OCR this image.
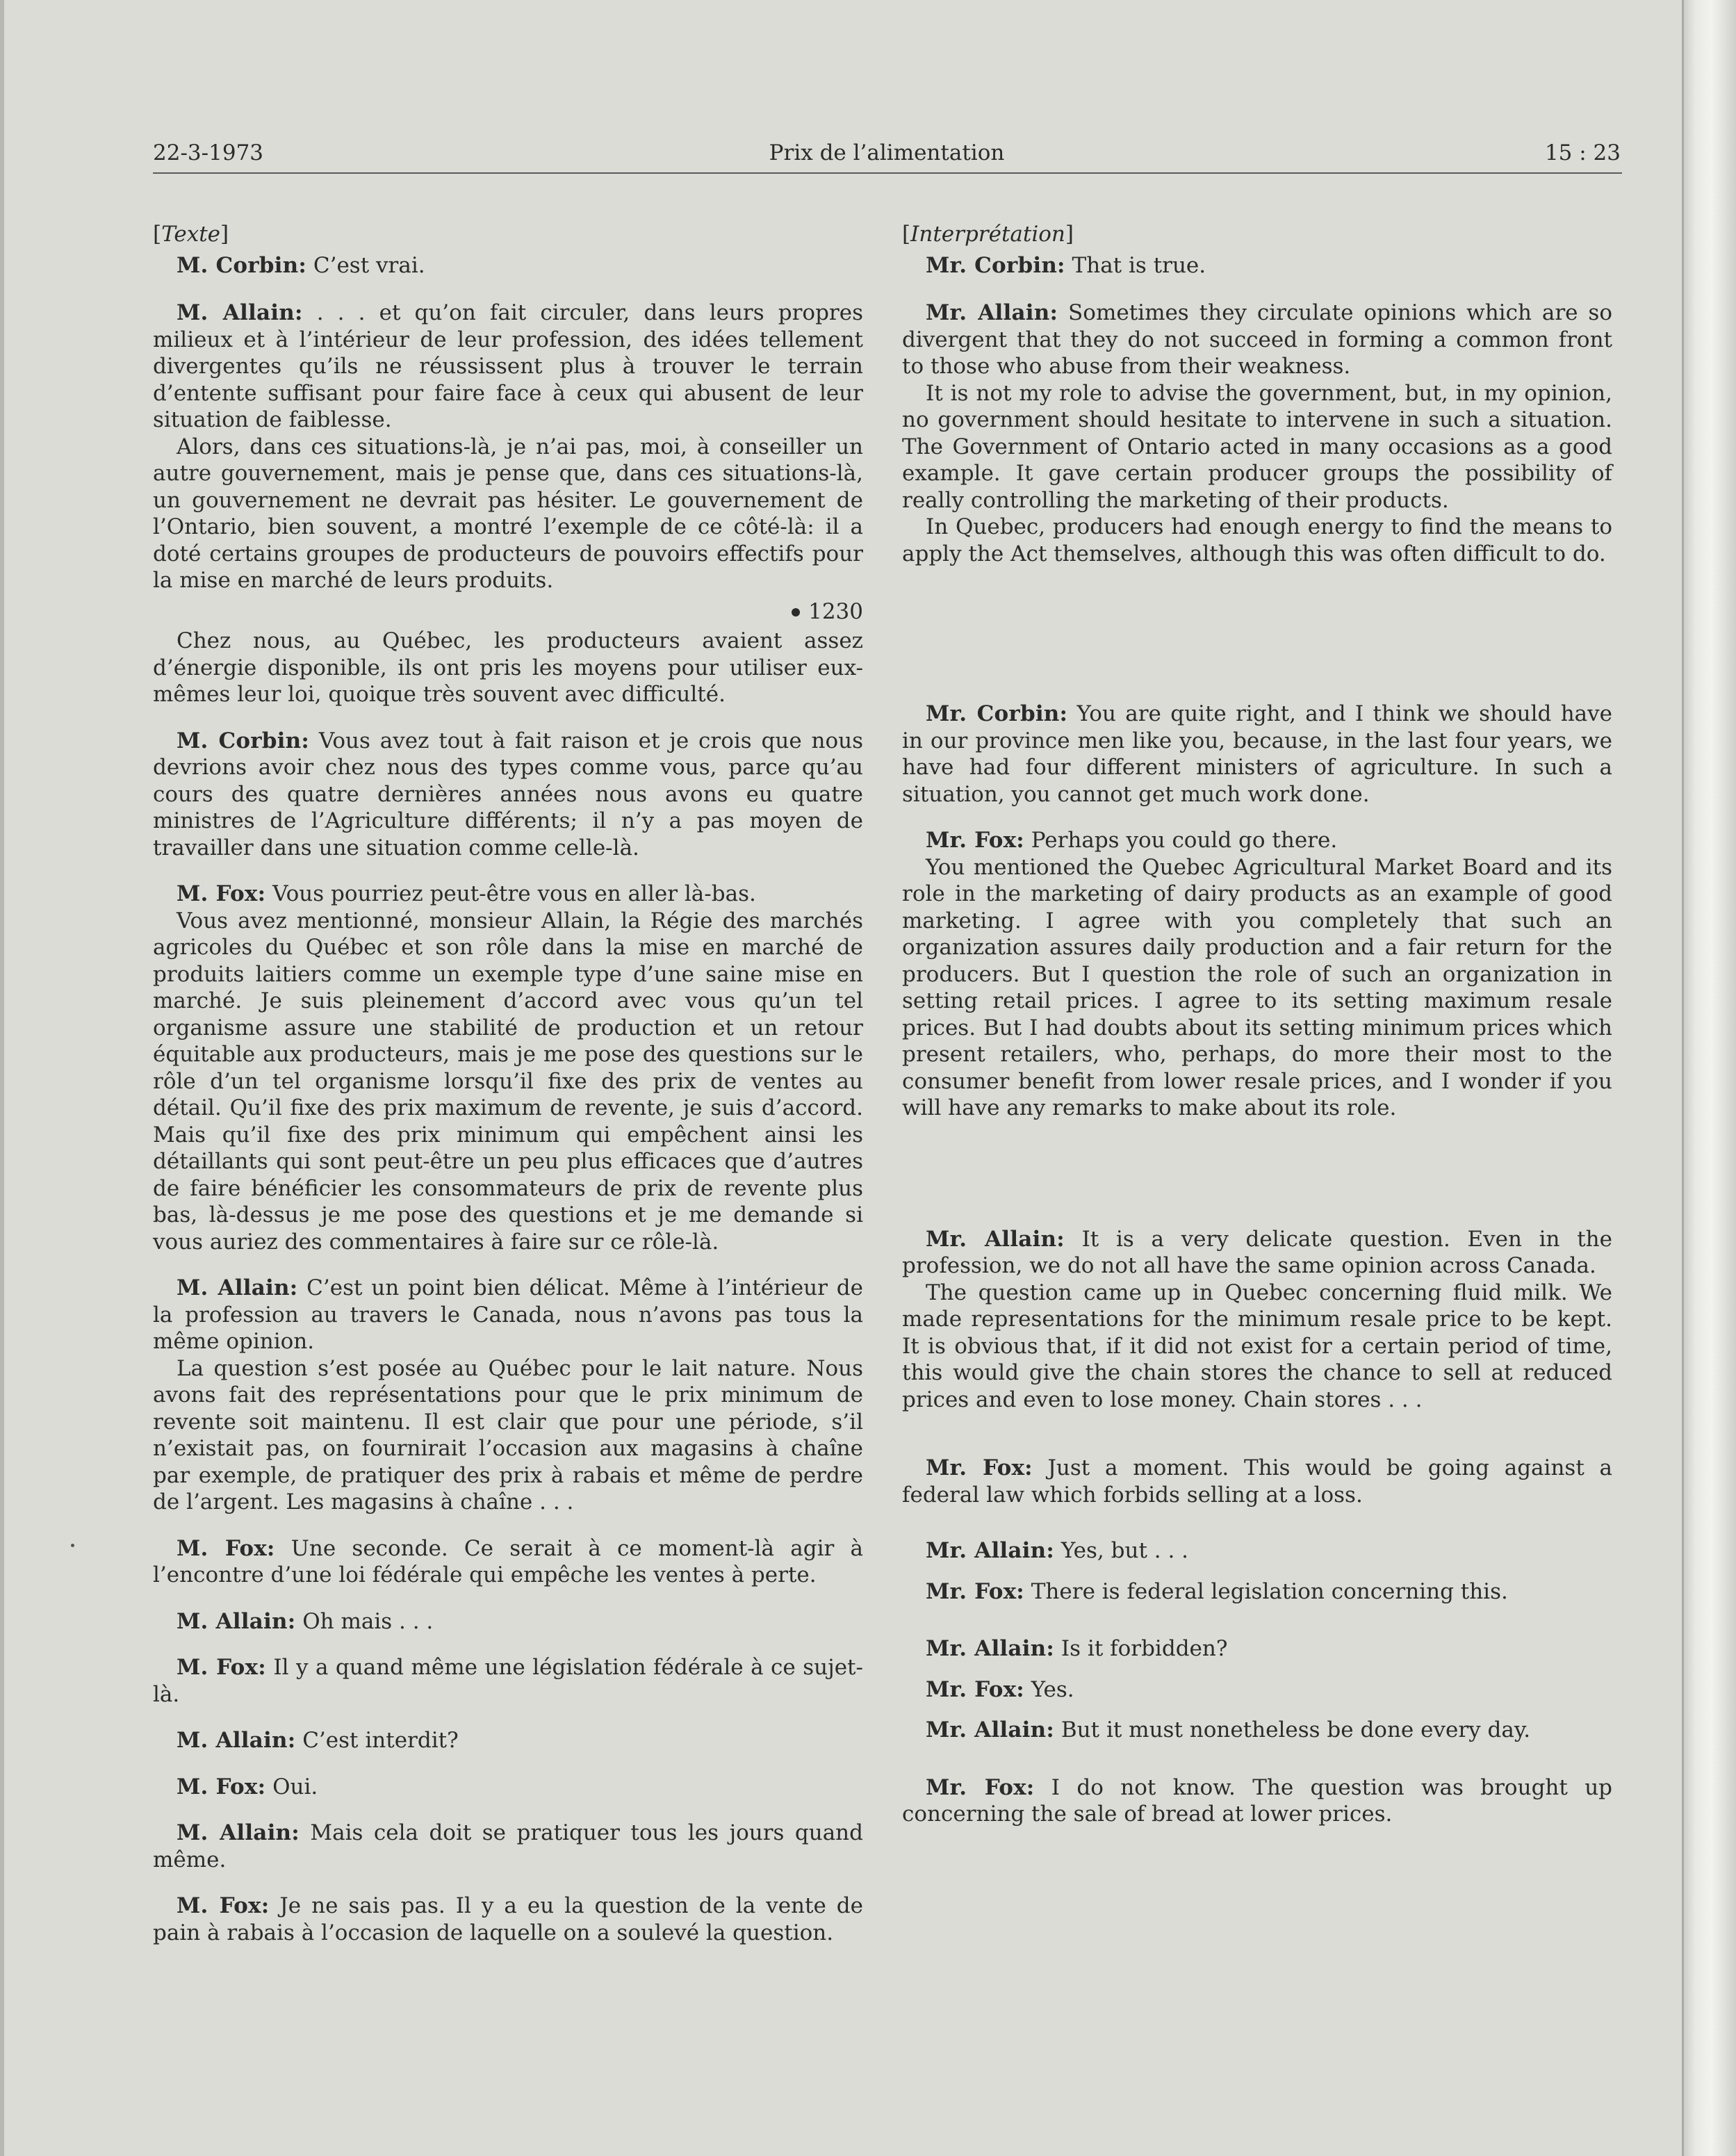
22-3-1973	Prix de l’alimentation	15 : 23
[Texte]

M. Corbin: C’est vrai.

M. Allain: . . . et qu’on fait circuler, dans leurs propres milieux et à l’intérieur de leur profession, des idées tellement divergentes qu’ils ne réussissent plus à trouver le terrain d’entente suffisant pour faire face à ceux qui abusent de leur situation de faiblesse.

Alors, dans ces situations-là, je n’ai pas, moi, à conseiller un autre gouvernement, mais je pense que, dans ces situations-là, un gouvernement ne devrait pas hésiter. Le gouvernement de l’Ontario, bien souvent, a montré l’exemple de ce côté-là: il a doté certains groupes de producteurs de pouvoirs effectifs pour la mise en marché de leurs produits.

1230

Chez nous, au Québec, les producteurs avaient assez d’énergie disponible, ils ont pris les moyens pour utiliser eux-mêmes leur loi, quoique très souvent avec difficulté.

M. Corbin: Vous avez tout à fait raison et je crois que nous devrions avoir chez nous des types comme vous, parce qu’au cours des quatre dernières années nous avons eu quatre ministres de l’Agriculture différents; il n’y a pas moyen de travailler dans une situation comme celle-là.

M. Fox: Vous pourriez peut-être vous en aller là-bas.

Vous avez mentionné, monsieur Allain, la Régie des marchés agricoles du Québec et son rôle dans la mise en marché de produits laitiers comme un exemple type d’une saine mise en marché. Je suis pleinement d’accord avec vous qu’un tel organisme assure une stabilité de production et un retour équitable aux producteurs, mais je me pose des questions sur le rôle d’un tel organisme lorsqu’il fixe des prix de ventes au détail. Qu’il fixe des prix maximum de revente, je suis d’accord. Mais qu’il fixe des prix minimum qui empêchent ainsi les détaillants qui sont peut-être un peu plus efficaces que d’autres de faire bénéficier les consommateurs de prix de revente plus bas, là-dessus je me pose des questions et je me demande si vous auriez des commentaires à faire sur ce rôle-là.

M. Allain: C’est un point bien délicat. Même à l’intérieur de la profession au travers le Canada, nous n’avons pas tous la même opinion.

La question s’est posée au Québec pour le lait nature. Nous avons fait des représentations pour que le prix minimum de revente soit maintenu. Il est clair que pour une période, s’il n’existait pas, on fournirait l’occasion aux magasins à chaîne par exemple, de pratiquer des prix à rabais et même de perdre de l’argent. Les magasins à chaîne . . .

M. Fox: Une seconde. Ce serait à ce moment-là agir à l’encontre d’une loi fédérale qui empêche les ventes à perte.

M. Allain: Oh mais . . .

M. Fox: Il y a quand même une législation fédérale à ce sujet-là.

M. Allain: C’est interdit?

M. Fox: Oui.

M. Allain: Mais cela doit se pratiquer tous les jours quand même.

M. Fox: Je ne sais pas. Il y a eu la question de la vente de pain à rabais à l’occasion de laquelle on a soulevé la question.

[Interprétation]

Mr. Corbin: That is true.

Mr. Allain: Sometimes they circulate opinions which are so divergent that they do not succeed in forming a common front to those who abuse from their weakness.

It is not my role to advise the government, but, in my opinion, no government should hesitate to intervene in such a situation. The Government of Ontario acted in many occasions as a good example. It gave certain producer groups the possibility of really controlling the marketing of their products.

In Quebec, producers had enough energy to find the means to apply the Act themselves, although this was often difficult to do.

Mr. Corbin: You are quite right, and I think we should have in our province men like you, because, in the last four years, we have had four different ministers of agriculture. In such a situation, you cannot get much work done.

Mr. Fox: Perhaps you could go there.

You mentioned the Quebec Agricultural Market Board and its role in the marketing of dairy products as an example of good marketing. I agree with you completely that such an organization assures daily production and a fair return for the producers. But I question the role of such an organization in setting retail prices. I agree to its setting maximum resale prices. But I had doubts about its setting minimum prices which present retailers, who, perhaps, do more their most to the consumer benefit from lower resale prices, and I wonder if you will have any remarks to make about its role.

Mr. Allain: It is a very delicate question. Even in the profession, we do not all have the same opinion across Canada.

The question came up in Quebec concerning fluid milk. We made representations for the minimum resale price to be kept. It is obvious that, if it did not exist for a certain period of time, this would give the chain stores the chance to sell at reduced prices and even to lose money. Chain stores . . .

Mr. Fox: Just a moment. This would be going against a federal law which forbids selling at a loss.

Mr. Allain: Yes, but . . .

Mr. Fox: There is federal legislation concerning this.

Mr. Allain: Is it forbidden?

Mr. Fox: Yes.

Mr. Allain: But it must nonetheless be done every day.

Mr. Fox: I do not know. The question was brought up concerning the sale of bread at lower prices.
